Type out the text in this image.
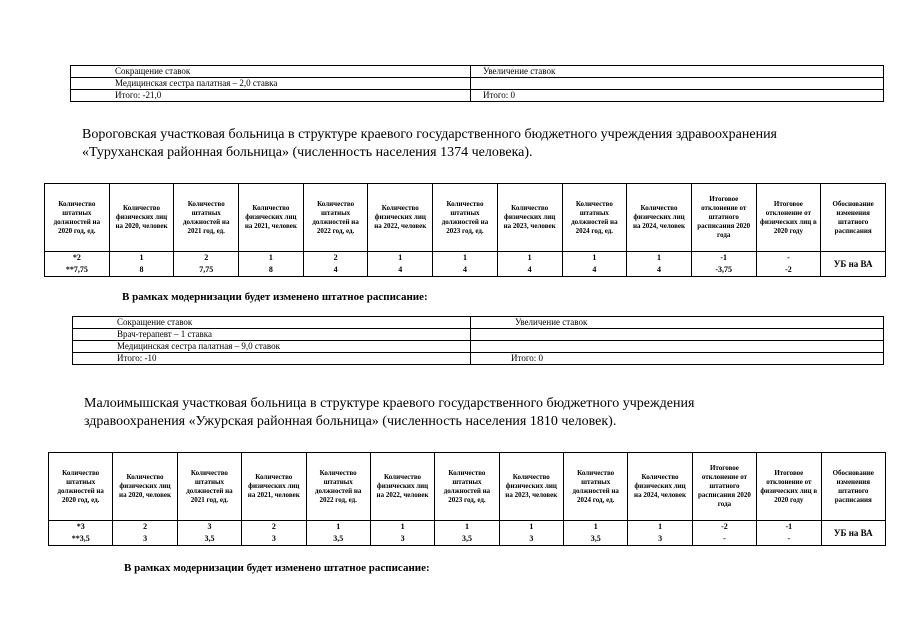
Сокращение ставок	Увеличение ставок
Медицинская сестра палатная – 2,0 ставка	
Итого: -21,0	Итого: 0
Вороговская участковая больница в структуре краевого государственного бюджетного учреждения здравоохранения
«Туруханская районная больница» (численность населения 1374 человека).
Количество штатных должностей на 2020 год, ед.	Количество физических лиц на 2020, человек	Количество штатных должностей на 2021 год, ед.	Количество физических лиц на 2021, человек	Количество штатных должностей на 2022 год, ед.	Количество физических лиц на 2022, человек	Количество штатных должностей на 2023 год, ед.	Количество физических лиц на 2023, человек	Количество штатных должностей на 2024 год, ед.	Количество физических лиц на 2024, человек	Итоговое отклонение от штатного расписания 2020 года	Итоговое отклонение от физических лиц в 2020 году	Обоснование изменения штатного расписания
*2	1	2	1	2	1	1	1	1	1	-1	-	УБ на ВА
**7,75	8	7,75	8	4	4	4	4	4	4	-3,75	-2	
В рамках модернизации будет изменено штатное расписание:
Сокращение ставок	Увеличение ставок
Врач-терапевт – 1 ставка	
Медицинская сестра палатная – 9,0 ставок	
Итого: -10	Итого: 0
Малоимышская участковая больница в структуре краевого государственного бюджетного учреждения
здравоохранения «Ужурская районная больница» (численность населения 1810 человек).
Количество штатных должностей на 2020 год, ед.	Количество физических лиц на 2020, человек	Количество штатных должностей на 2021 год, ед.	Количество физических лиц на 2021, человек	Количество штатных должностей на 2022 год, ед.	Количество физических лиц на 2022, человек	Количество штатных должностей на 2023 год, ед.	Количество физических лиц на 2023, человек	Количество штатных должностей на 2024 год, ед.	Количество физических лиц на 2024, человек	Итоговое отклонение от штатного расписания 2020 года	Итоговое отклонение от физических лиц в 2020 году	Обоснование изменения штатного расписания
*3	2	3	2	1	1	1	1	1	1	-2	-1	УБ на ВА
**3,5	3	3,5	3	3,5	3	3,5	3	3,5	3	-	-	
В рамках модернизации будет изменено штатное расписание:
